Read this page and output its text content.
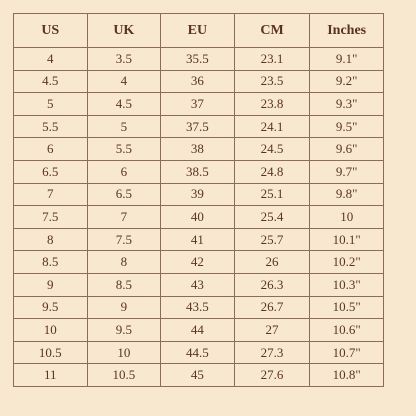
US	UK	EU	CM	Inches
4	3.5	35.5	23.1	9.1"
4.5	4	36	23.5	9.2"
5	4.5	37	23.8	9.3"
5.5	5	37.5	24.1	9.5"
6	5.5	38	24.5	9.6"
6.5	6	38.5	24.8	9.7"
7	6.5	39	25.1	9.8"
7.5	7	40	25.4	10
8	7.5	41	25.7	10.1"
8.5	8	42	26	10.2"
9	8.5	43	26.3	10.3"
9.5	9	43.5	26.7	10.5"
10	9.5	44	27	10.6"
10.5	10	44.5	27.3	10.7"
11	10.5	45	27.6	10.8"
